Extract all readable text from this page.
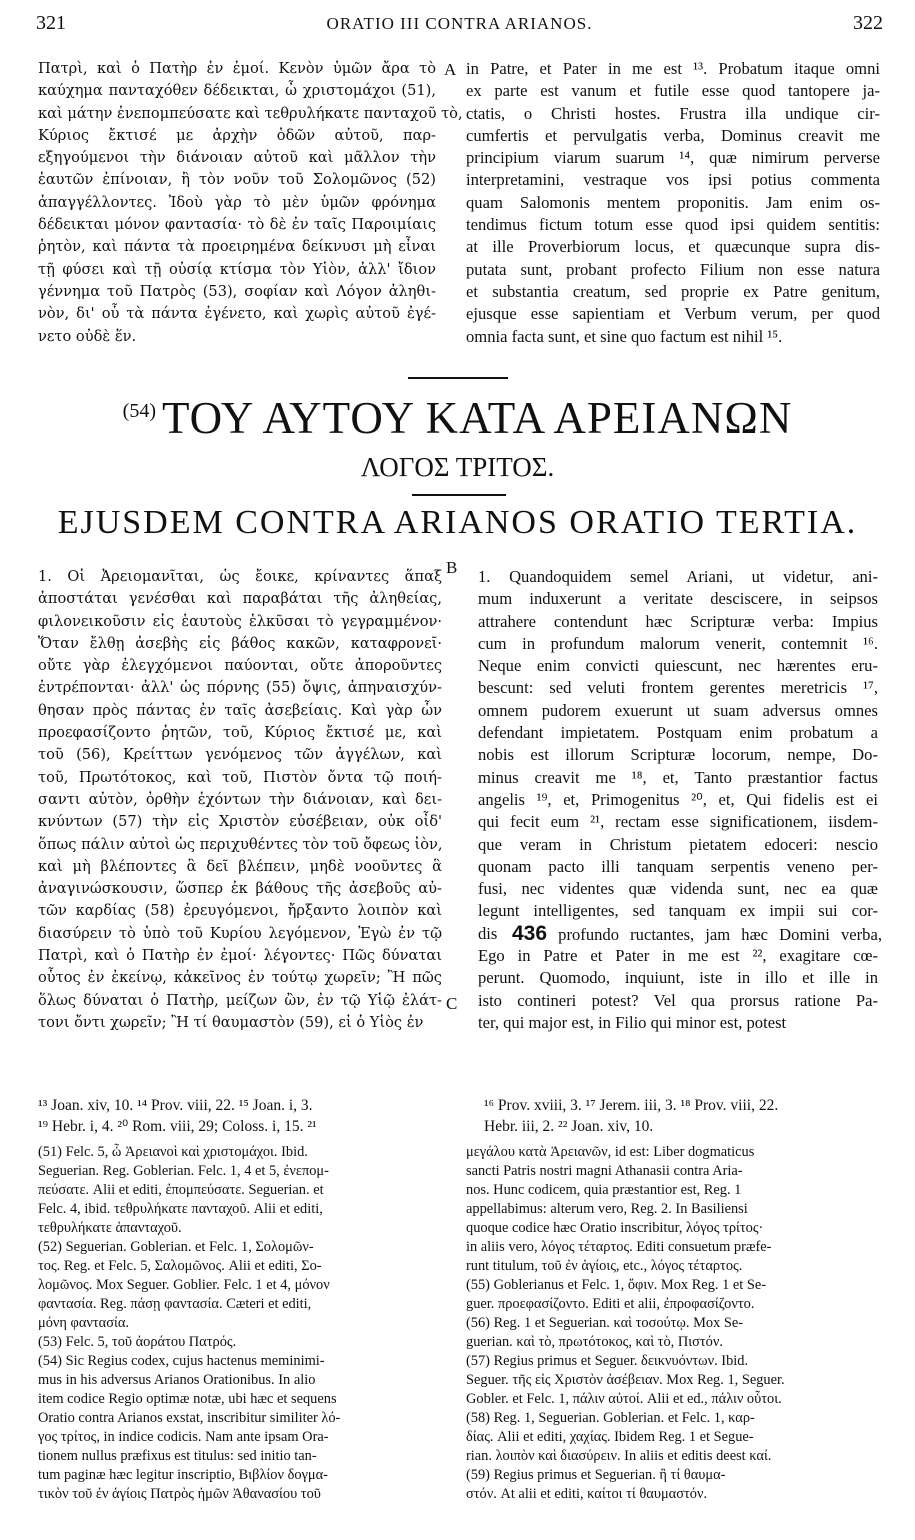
321	ORATIO III CONTRA ARIANOS.	322
Πατρὶ, καὶ ὁ Πατὴρ ἐν ἐμοί. Κενὸν ὑμῶν ἄρα τὸ
καύχημα πανταχόθεν δέδεικται, ὦ χριστομάχοι (51),
καὶ μάτην ἐνεπομπεύσατε καὶ τεθρυλήκατε πανταχοῦ τὸ,
Κύριος ἔκτισέ με ἀρχὴν ὁδῶν αὐτοῦ, παρ-
εξηγούμενοι τὴν διάνοιαν αὐτοῦ καὶ μᾶλλον τὴν
ἑαυτῶν ἐπίνοιαν, ἢ τὸν νοῦν τοῦ Σολομῶνος (52)
ἀπαγγέλλοντες. Ἰδοὺ γὰρ τὸ μὲν ὑμῶν φρόνημα
δέδεικται μόνον φαντασία· τὸ δὲ ἐν ταῖς Παροιμίαις
ῥητὸν, καὶ πάντα τὰ προειρημένα δείκνυσι μὴ εἶναι
τῇ φύσει καὶ τῇ οὐσίᾳ κτίσμα τὸν Υἱὸν, ἀλλ' ἴδιον
γέννημα τοῦ Πατρὸς (53), σοφίαν καὶ Λόγον ἀληθι-
νὸν, δι' οὗ τὰ πάντα ἐγένετο, καὶ χωρὶς αὐτοῦ ἐγέ-
νετο οὐδὲ ἕν.
A in Patre, et Pater in me est ¹³. Probatum itaque omni
ex parte est vanum et futile esse quod tantopere ja-
ctatis, o Christi hostes. Frustra illa undique cir-
cumfertis et pervulgatis verba, Dominus creavit me
principium viarum suarum ¹⁴, quæ nimirum perverse
interpretamini, vestraque vos ipsi potius commenta
quam Salomonis mentem proponitis. Jam enim os-
tendimus fictum totum esse quod ipsi quidem sentitis:
at ille Proverbiorum locus, et quæcunque supra dis-
putata sunt, probant profecto Filium non esse natura
et substantia creatum, sed proprie ex Patre genitum,
ejusque esse sapientiam et Verbum verum, per quod
omnia facta sunt, et sine quo factum est nihil ¹⁵.
$^{(54)}$ ΤΟΥ ΑΥΤΟΥ ΚΑΤΑ ΑΡΕΙΑΝΩΝ
ΛΟΓΟΣ ΤΡΙΤΟΣ.
EJUSDEM CONTRA ARIANOS ORATIO TERTIA.
1. Οἱ Ἀρειομανῖται, ὡς ἔοικε, κρίναντες ἅπαξ
ἀποστάται γενέσθαι καὶ παραβάται τῆς ἀληθείας,
φιλονεικοῦσιν εἰς ἑαυτοὺς ἑλκῦσαι τὸ γεγραμμένον·
Ὅταν ἔλθῃ ἀσεβὴς εἰς βάθος κακῶν, καταφρονεῖ·
οὔτε γὰρ ἐλεγχόμενοι παύονται, οὔτε ἀποροῦντες
ἐντρέπονται· ἀλλ' ὡς πόρνης (55) ὄψις, ἀπηναισχύν-
θησαν πρὸς πάντας ἐν ταῖς ἀσεβείαις. Καὶ γὰρ ὧν
προεφασίζοντο ῥητῶν, τοῦ, Κύριος ἔκτισέ με, καὶ
τοῦ (56), Κρείττων γενόμενος τῶν ἀγγέλων, καὶ
τοῦ, Πρωτότοκος, καὶ τοῦ, Πιστὸν ὄντα τῷ ποιή-
σαντι αὐτὸν, ὀρθὴν ἐχόντων τὴν διάνοιαν, καὶ δει-
κνύντων (57) τὴν εἰς Χριστὸν εὐσέβειαν, οὐκ οἶδ'
ὅπως πάλιν αὐτοὶ ὡς περιχυθέντες τὸν τοῦ ὄφεως ἰὸν,
καὶ μὴ βλέποντες ἃ δεῖ βλέπειν, μηδὲ νοοῦντες ἃ
ἀναγινώσκουσιν, ὥσπερ ἐκ βάθους τῆς ἀσεβοῦς αὐ-
τῶν καρδίας (58) ἐρευγόμενοι, ἤρξαντο λοιπὸν καὶ
διασύρειν τὸ ὑπὸ τοῦ Κυρίου λεγόμενον, Ἐγὼ ἐν τῷ
Πατρὶ, καὶ ὁ Πατὴρ ἐν ἐμοί· λέγοντες· Πῶς δύναται
οὗτος ἐν ἐκείνῳ, κἀκεῖνος ἐν τούτῳ χωρεῖν; Ἢ πῶς
ὅλως δύναται ὁ Πατὴρ, μείζων ὢν, ἐν τῷ Υἱῷ ἐλάτ-
τονι ὄντι χωρεῖν; Ἢ τί θαυμαστὸν (59), εἰ ὁ Υἱὸς ἐν
B
C
1. Quandoquidem semel Ariani, ut videtur, ani-
mum induxerunt a veritate desciscere, in seipsos
attrahere contendunt hæc Scripturæ verba: Impius
cum in profundum malorum venerit, contemnit ¹⁶.
Neque enim convicti quiescunt, nec hærentes eru-
bescunt: sed veluti frontem gerentes meretricis ¹⁷,
omnem pudorem exuerunt ut suam adversus omnes
defendant impietatem. Postquam enim probatum a
nobis est illorum Scripturæ locorum, nempe, Do-
minus creavit me ¹⁸, et, Tanto præstantior factus
angelis ¹⁹, et, Primogenitus ²⁰, et, Qui fidelis est ei
qui fecit eum ²¹, rectam esse significationem, iisdem-
que veram in Christum pietatem edoceri: nescio
quonam pacto illi tanquam serpentis veneno per-
fusi, nec videntes quæ videnda sunt, nec ea quæ
legunt intelligentes, sed tanquam ex impii sui cor-
dis
Ego in Patre et Pater in me est ²², exagitare cœ-
perunt. Quomodo, inquiunt, iste in illo et ille in
isto contineri potest? Vel qua prorsus ratione Pa-
ter, qui major est, in Filio qui minor est, potest
436 profundo ructantes, jam hæc Domini verba,
¹³ Joan. xiv, 10. ¹⁴ Prov. viii, 22. ¹⁵ Joan. i, 3.
¹⁹ Hebr. i, 4. ²⁰ Rom. viii, 29; Coloss. i, 15. ²¹
¹⁶ Prov. xviii, 3. ¹⁷ Jerem. iii, 3. ¹⁸ Prov. viii, 22.
Hebr. iii, 2. ²² Joan. xiv, 10.
(51) Felc. 5, ὦ Ἀρειανοὶ καὶ χριστομάχοι. Ibid.
Seguerian. Reg. Goblerian. Felc. 1, 4 et 5, ἐνεπομ-
πεύσατε. Alii et editi, ἐπομπεύσατε. Seguerian. et
Felc. 4, ibid. τεθρυλήκατε πανταχοῦ. Alii et editi,
τεθρυλήκατε ἁπανταχοῦ.
(52) Seguerian. Goblerian. et Felc. 1, Σολομῶν-
τος. Reg. et Felc. 5, Σαλομῶνος. Alii et editi, Σο-
λομῶνος. Mox Seguer. Goblier. Felc. 1 et 4, μόνον
φαντασία. Reg. πάσῃ φαντασία. Cæteri et editi,
μόνη φαντασία.
(53) Felc. 5, τοῦ ἀοράτου Πατρός.
(54) Sic Regius codex, cujus hactenus meminimi-
mus in his adversus Arianos Orationibus. In alio
item codice Regio optimæ notæ, ubi hæc et sequens
Oratio contra Arianos exstat, inscribitur similiter λό-
γος τρίτος, in indice codicis. Nam ante ipsam Ora-
tionem nullus præfixus est titulus: sed initio tan-
tum paginæ hæc legitur inscriptio, Βιβλίον δογμα-
τικὸν τοῦ ἐν ἁγίοις Πατρὸς ἡμῶν Ἀθανασίου τοῦ
μεγάλου κατὰ Ἀρειανῶν, id est: Liber dogmaticus
sancti Patris nostri magni Athanasii contra Aria-
nos. Hunc codicem, quia præstantior est, Reg. 1
appellabimus: alterum vero, Reg. 2. In Basiliensi
quoque codice hæc Oratio inscribitur, λόγος τρίτος·
in aliis vero, λόγος τέταρτος. Editi consuetum præfe-
runt titulum, τοῦ ἐν ἁγίοις, etc., λόγος τέταρτος.
(55) Goblerianus et Felc. 1, ὄφιν. Mox Reg. 1 et Se-
guer. προεφασίζοντο. Editi et alii, ἐπροφασίζοντο.
(56) Reg. 1 et Seguerian. καὶ τοσούτῳ. Mox Se-
guerian. καὶ τὸ, πρωτότοκος, καὶ τὸ, Πιστόν.
(57) Regius primus et Seguer. δεικνυόντων. Ibid.
Seguer. τῆς εἰς Χριστὸν ἀσέβειαν. Mox Reg. 1, Seguer.
Gobler. et Felc. 1, πάλιν αὐτοί. Alii et ed., πάλιν οὗτοι.
(58) Reg. 1, Seguerian. Goblerian. et Felc. 1, καρ-
δίας. Alii et editi, χαχίας. Ibidem Reg. 1 et Segue-
rian. λοιπὸν καὶ διασύρειν. In aliis et editis deest καί.
(59) Regius primus et Seguerian. ἢ τί θαυμα-
στόν. At alii et editi, καίτοι τί θαυμαστόν.
